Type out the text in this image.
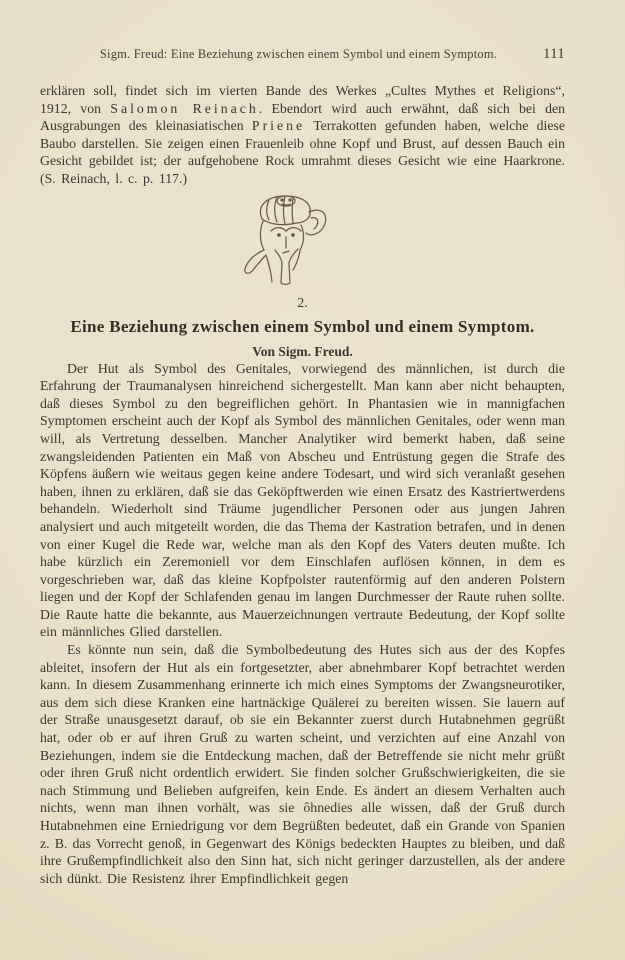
Sigm. Freud: Eine Beziehung zwischen einem Symbol und einem Symptom.	111

erklären soll, findet sich im vierten Bande des Werkes „Cultes Mythes et Religions“, 1912, von Salomon Reinach. Ebendort wird auch erwähnt, daß sich bei den Ausgrabungen des kleinasiatischen Priene Terrakotten gefunden haben, welche diese Baubo darstellen. Sie zeigen einen Frauenleib ohne Kopf und Brust, auf dessen Bauch ein Gesicht gebildet ist; der aufgehobene Rock umrahmt dieses Gesicht wie eine Haarkrone. (S. Reinach, l. c. p. 117.)

2.
Eine Beziehung zwischen einem Symbol und einem Symptom.
Von Sigm. Freud.

Der Hut als Symbol des Genitales, vorwiegend des männlichen, ist durch die Erfahrung der Traumanalysen hinreichend sichergestellt. Man kann aber nicht behaupten, daß dieses Symbol zu den begreiflichen gehört. In Phantasien wie in mannigfachen Symptomen erscheint auch der Kopf als Symbol des männlichen Genitales, oder wenn man will, als Vertretung desselben. Mancher Analytiker wird bemerkt haben, daß seine zwangsleidenden Patienten ein Maß von Abscheu und Entrüstung gegen die Strafe des Köpfens äußern wie weitaus gegen keine andere Todesart, und wird sich veranlaßt gesehen haben, ihnen zu erklären, daß sie das Geköpftwerden wie einen Ersatz des Kastriertwerdens behandeln. Wiederholt sind Träume jugendlicher Personen oder aus jungen Jahren analysiert und auch mitgeteilt worden, die das Thema der Kastration betrafen, und in denen von einer Kugel die Rede war, welche man als den Kopf des Vaters deuten mußte. Ich habe kürzlich ein Zeremoniell vor dem Einschlafen auflösen können, in dem es vorgeschrieben war, daß das kleine Kopfpolster rautenförmig auf den anderen Polstern liegen und der Kopf der Schlafenden genau im langen Durchmesser der Raute ruhen sollte. Die Raute hatte die bekannte, aus Mauerzeichnungen vertraute Bedeutung, der Kopf sollte ein männliches Glied darstellen.

Es könnte nun sein, daß die Symbolbedeutung des Hutes sich aus der des Kopfes ableitet, insofern der Hut als ein fortgesetzter, aber abnehmbarer Kopf betrachtet werden kann. In diesem Zusammenhang erinnerte ich mich eines Symptoms der Zwangsneurotiker, aus dem sich diese Kranken eine hartnäckige Quälerei zu bereiten wissen. Sie lauern auf der Straße unausgesetzt darauf, ob sie ein Bekannter zuerst durch Hutabnehmen gegrüßt hat, oder ob er auf ihren Gruß zu warten scheint, und verzichten auf eine Anzahl von Beziehungen, indem sie die Entdeckung machen, daß der Betreffende sie nicht mehr grüßt oder ihren Gruß nicht ordentlich erwidert. Sie finden solcher Grußschwierigkeiten, die sie nach Stimmung und Belieben aufgreifen, kein Ende. Es ändert an diesem Verhalten auch nichts, wenn man ihnen vorhält, was sie ôhnedies alle wissen, daß der Gruß durch Hutabnehmen eine Erniedrigung vor dem Begrüßten bedeutet, daß ein Grande von Spanien z. B. das Vorrecht genoß, in Gegenwart des Königs bedeckten Hauptes zu bleiben, und daß ihre Grußempfindlichkeit also den Sinn hat, sich nicht geringer darzustellen, als der andere sich dünkt. Die Resistenz ihrer Empfindlichkeit gegen
